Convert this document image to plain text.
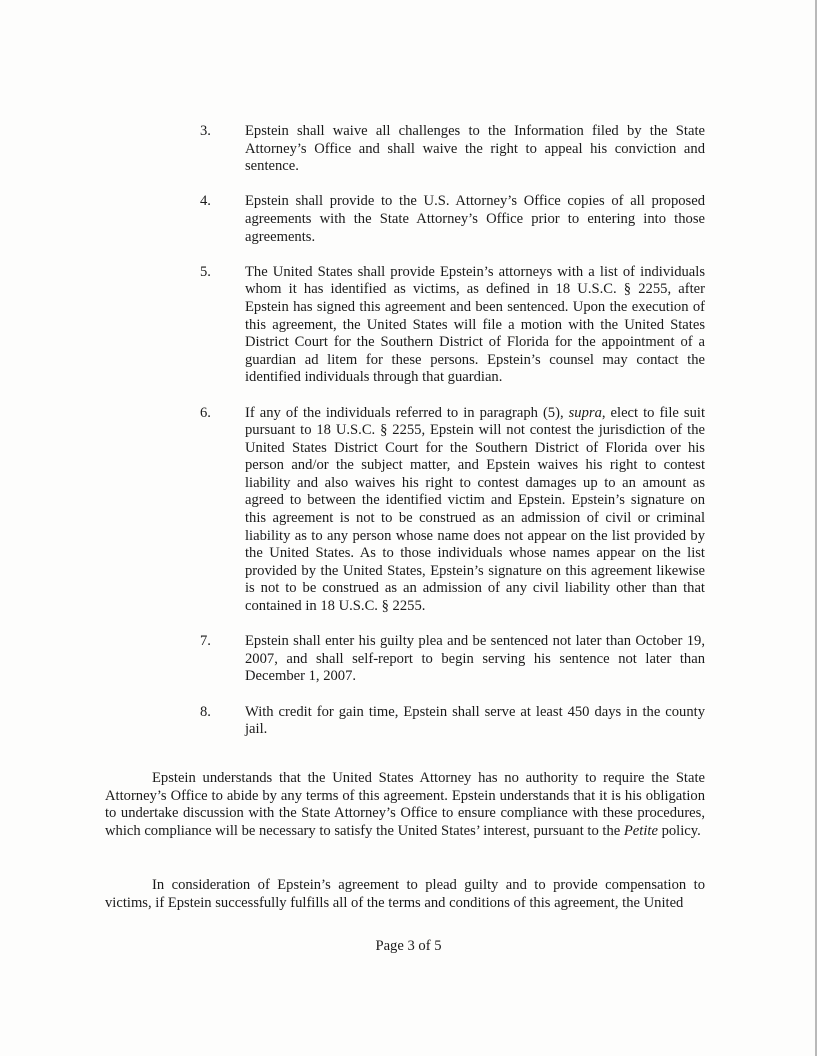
3.	Epstein shall waive all challenges to the Information filed by the State Attorney’s Office and shall waive the right to appeal his conviction and sentence.
4.	Epstein shall provide to the U.S. Attorney’s Office copies of all proposed agreements with the State Attorney’s Office prior to entering into those agreements.
5.	The United States shall provide Epstein’s attorneys with a list of individuals whom it has identified as victims, as defined in 18 U.S.C. § 2255, after Epstein has signed this agreement and been sentenced. Upon the execution of this agreement, the United States will file a motion with the United States District Court for the Southern District of Florida for the appointment of a guardian ad litem for these persons. Epstein’s counsel may contact the identified individuals through that guardian.
6.	If any of the individuals referred to in paragraph (5), supra, elect to file suit pursuant to 18 U.S.C. § 2255, Epstein will not contest the jurisdiction of the United States District Court for the Southern District of Florida over his person and/or the subject matter, and Epstein waives his right to contest liability and also waives his right to contest damages up to an amount as agreed to between the identified victim and Epstein. Epstein’s signature on this agreement is not to be construed as an admission of civil or criminal liability as to any person whose name does not appear on the list provided by the United States. As to those individuals whose names appear on the list provided by the United States, Epstein’s signature on this agreement likewise is not to be construed as an admission of any civil liability other than that contained in 18 U.S.C. § 2255.
7.	Epstein shall enter his guilty plea and be sentenced not later than October 19, 2007, and shall self-report to begin serving his sentence not later than December 1, 2007.
8.	With credit for gain time, Epstein shall serve at least 450 days in the county jail.
Epstein understands that the United States Attorney has no authority to require the State Attorney’s Office to abide by any terms of this agreement. Epstein understands that it is his obligation to undertake discussion with the State Attorney’s Office to ensure compliance with these procedures, which compliance will be necessary to satisfy the United States’ interest, pursuant to the Petite policy.
In consideration of Epstein’s agreement to plead guilty and to provide compensation to victims, if Epstein successfully fulfills all of the terms and conditions of this agreement, the United
Page 3 of 5
